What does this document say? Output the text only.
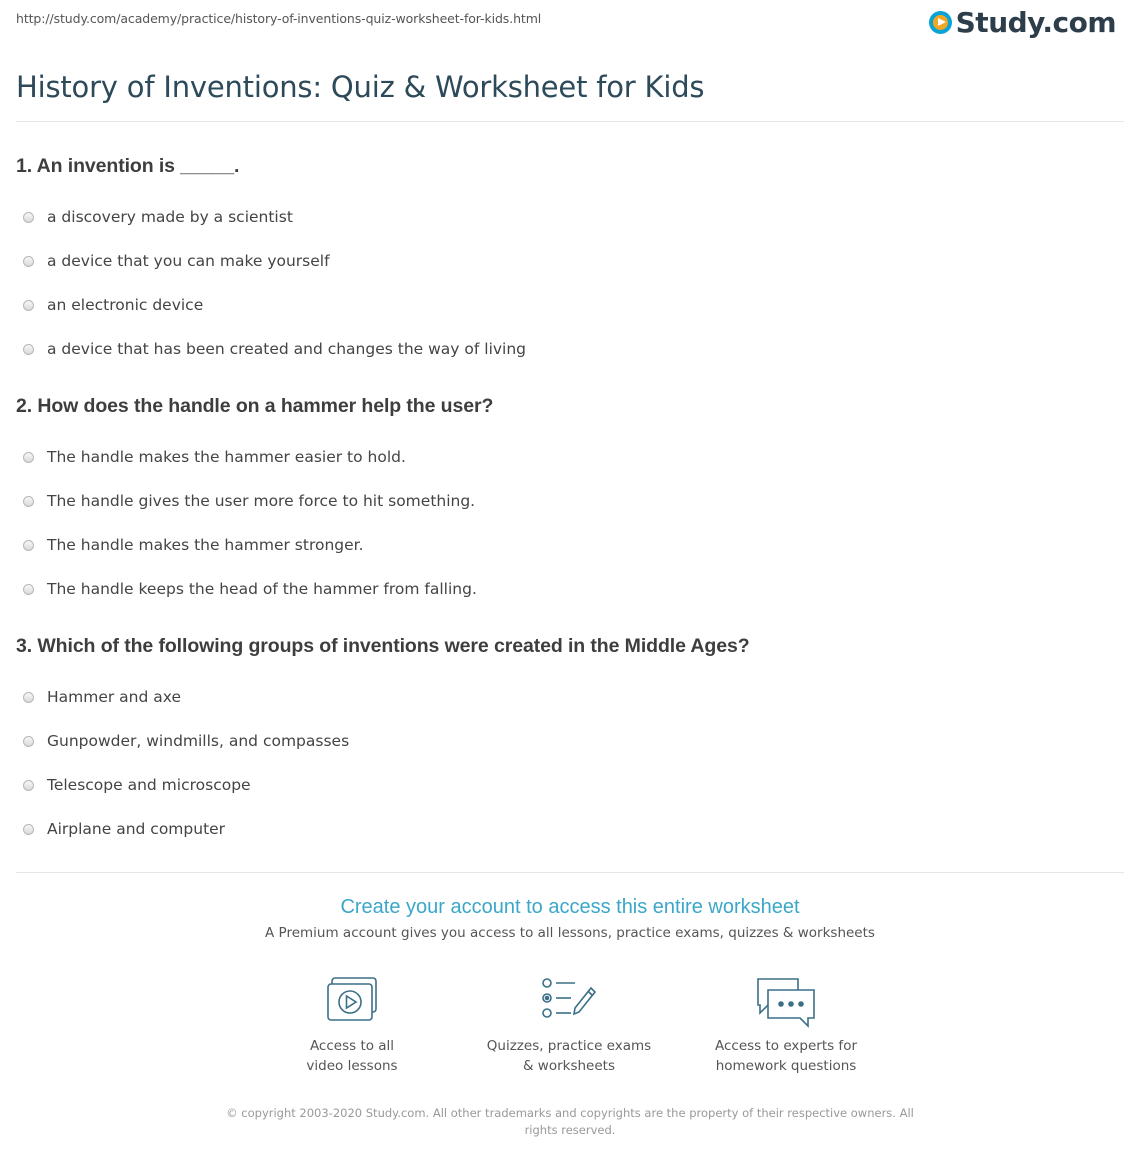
http://study.com/academy/practice/history-of-inventions-quiz-worksheet-for-kids.html	Study.com
History of Inventions: Quiz & Worksheet for Kids
1. An invention is _____.
a discovery made by a scientist
a device that you can make yourself
an electronic device
a device that has been created and changes the way of living
2. How does the handle on a hammer help the user?
The handle makes the hammer easier to hold.
The handle gives the user more force to hit something.
The handle makes the hammer stronger.
The handle keeps the head of the hammer from falling.
3. Which of the following groups of inventions were created in the Middle Ages?
Hammer and axe
Gunpowder, windmills, and compasses
Telescope and microscope
Airplane and computer
Create your account to access this entire worksheet
A Premium account gives you access to all lessons, practice exams, quizzes & worksheets
Access to all
video lessons
Quizzes, practice exams
& worksheets
Access to experts for
homework questions
© copyright 2003-2020 Study.com. All other trademarks and copyrights are the property of their respective owners. All rights reserved.
